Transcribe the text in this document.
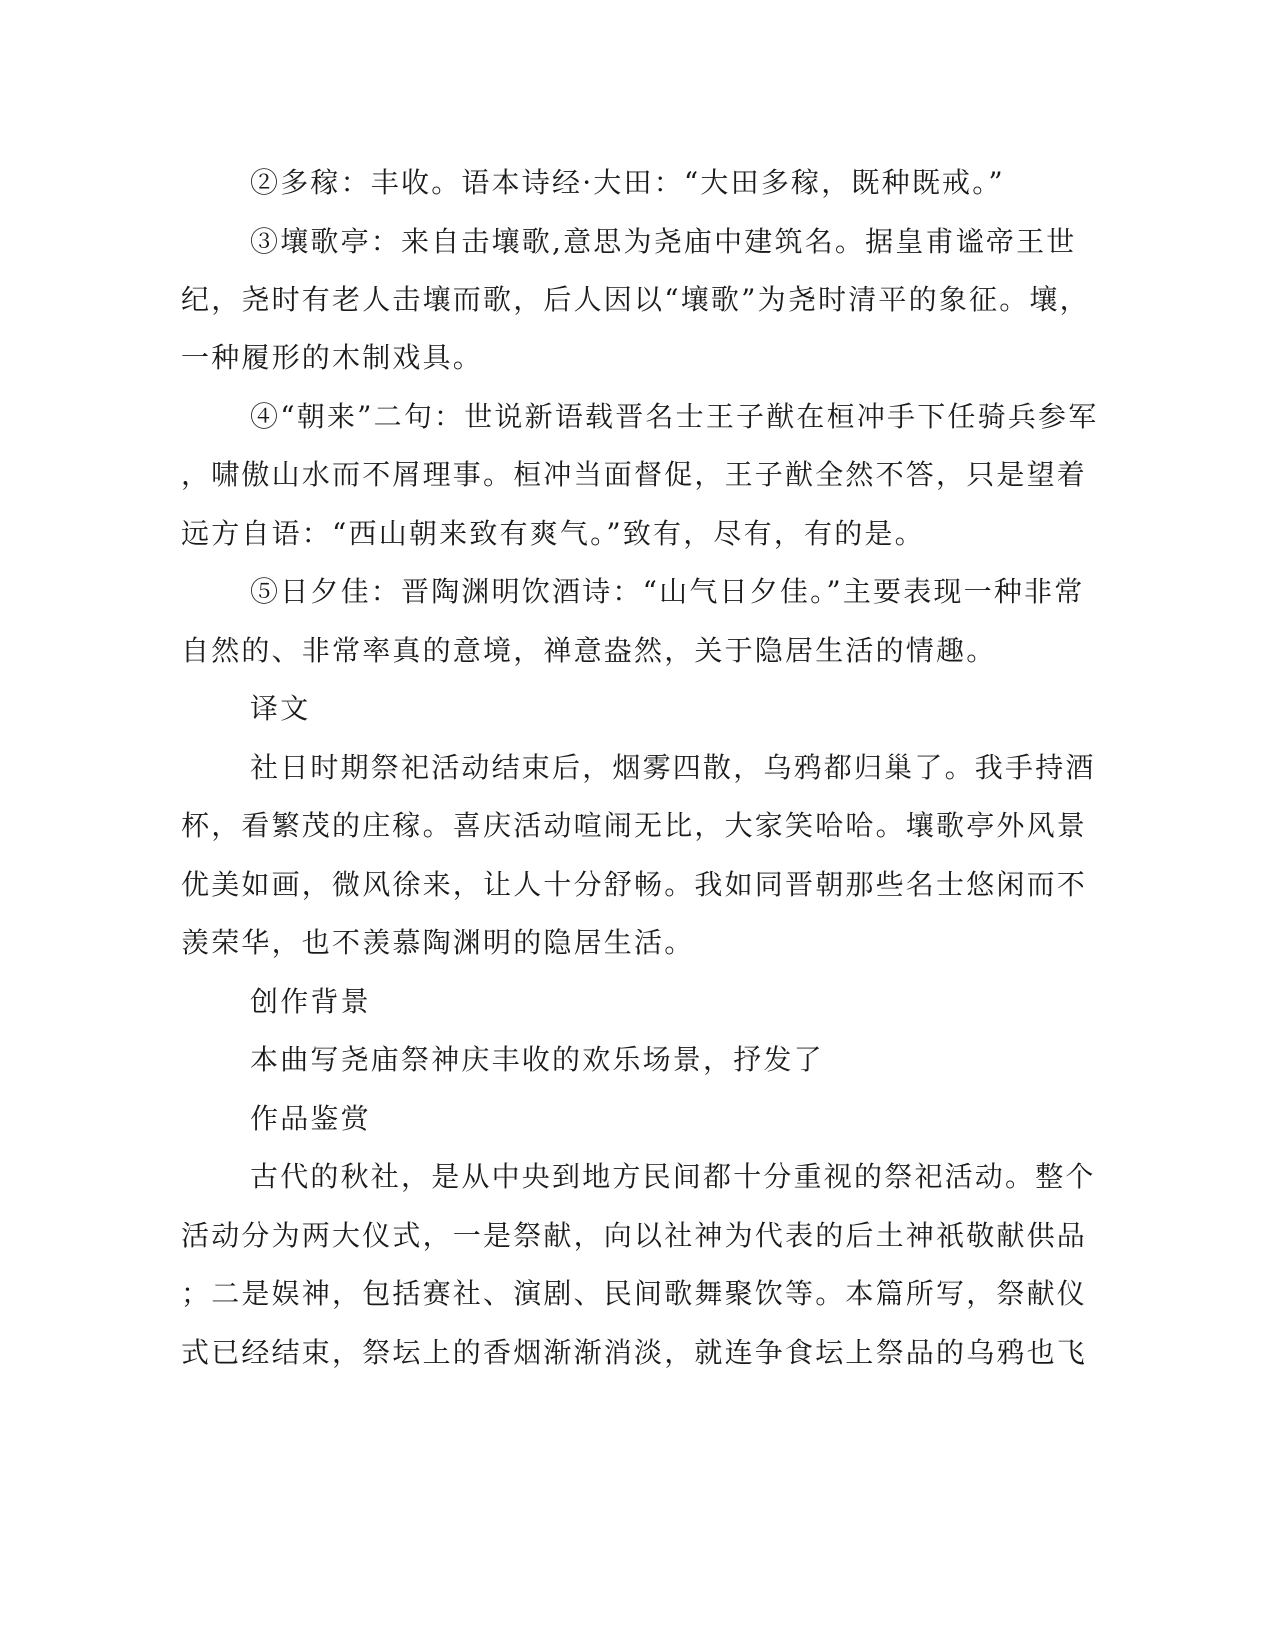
②多稼：丰收。语本诗经·大田：“大田多稼，既种既戒。”
③壤歌亭：来自击壤歌,意思为尧庙中建筑名。据皇甫谧帝王世
纪，尧时有老人击壤而歌，后人因以“壤歌”为尧时清平的象征。壤，
一种履形的木制戏具。
④“朝来”二句：世说新语载晋名士王子猷在桓冲手下任骑兵参军
，啸傲山水而不屑理事。桓冲当面督促，王子猷全然不答，只是望着
远方自语：“西山朝来致有爽气。”致有，尽有，有的是。
⑤日夕佳：晋陶渊明饮酒诗：“山气日夕佳。”主要表现一种非常
自然的、非常率真的意境，禅意盎然，关于隐居生活的情趣。
译文
社日时期祭祀活动结束后，烟雾四散，乌鸦都归巢了。我手持酒
杯，看繁茂的庄稼。喜庆活动喧闹无比，大家笑哈哈。壤歌亭外风景
优美如画，微风徐来，让人十分舒畅。我如同晋朝那些名士悠闲而不
羡荣华，也不羡慕陶渊明的隐居生活。
创作背景
本曲写尧庙祭神庆丰收的欢乐场景，抒发了
作品鉴赏
古代的秋社，是从中央到地方民间都十分重视的祭祀活动。整个
活动分为两大仪式，一是祭献，向以社神为代表的后土神祇敬献供品
；二是娱神，包括赛社、演剧、民间歌舞聚饮等。本篇所写，祭献仪
式已经结束，祭坛上的香烟渐渐消淡，就连争食坛上祭品的乌鸦也飞
